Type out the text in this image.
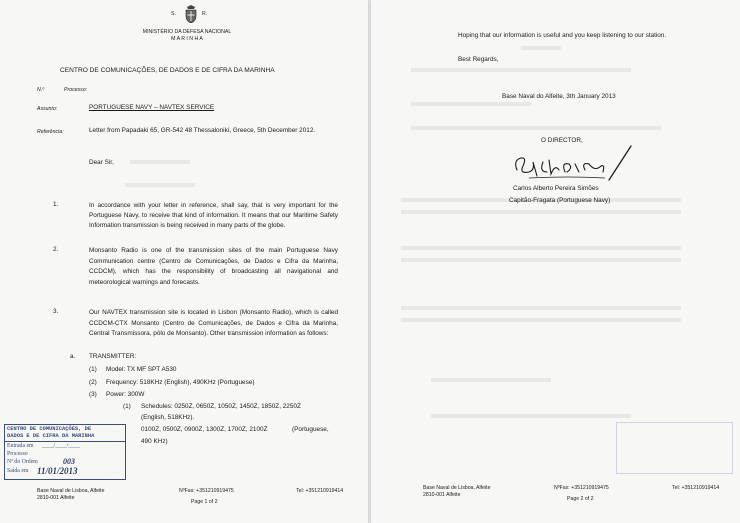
S.	R.
MINISTÉRIO DA DEFESA NACIONAL
M A R I N H A
CENTRO DE COMUNICAÇÕES, DE DADOS E DE CIFRA DA MARINHA
N.º	Processo:
Assunto:	PORTUGUESE NAVY – NAVTEX SERVICE
Referência:	Letter from Papadaki 65, GR-542 48 Thessaloniki, Greece, 5th December 2012.
Dear Sir,
1.	In accordance with your letter in reference, shall say, that is very important for the Portuguese Navy, to receive that kind of information. It means that our Maritime Safety Information transmission is being received in many parts of the globe.
2.	Monsanto Radio is one of the transmission sites of the main Portuguese Navy Communication centre (Centro de Comunicações, de Dados e Cifra da Marinha, CCDCM), which has the responsibility of broadcasting all navigational and meteorological warnings and forecasts.
3.	Our NAVTEX transmission site is located in Lisbon (Monsanto Radio), which is called CCDCM-CTX Monsanto (Centro de Comunicações, de Dados e Cifra da Marinha, Central Transmissora, pólo de Monsanto). Other transmission information as follows:
a. TRANSMITTER:
(1) Model: TX MF SPT A530
(2) Frequency: 518KHz (English), 490KHz (Portuguese)
(3) Power: 300W
(1) Schedules: 0250Z, 0650Z, 1050Z, 1450Z, 1850Z, 2250Z
(English, 518KHz).
0100Z, 0500Z, 0900Z, 1300Z, 1700Z, 2100Z	(Portuguese,
490 KHz)
CENTRO DE COMUNICAÇÕES, DE
DADOS E DE CIFRA DA MARINHA
Entrada em ____/____/____
Processo
Nº do Ordem	003
Saída em 11/01/2013
Base Naval de Lisboa, Alfeite
2810-001 Alfeite
NºFax: +351210919475	Tel: +351210919414
Page 1 of 2
Hoping that our information is useful and you keep listening to our station.
Best Regards,
Base Naval do Alfeite, 3th January 2013
O DIRECTOR,
Carlos Alberto Pereira Simões
Capitão-Fragata (Portuguese Navy)
Base Naval de Lisboa, Alfeite
2810-001 Alfeite
NºFax: +351210919475	Tel: +351210919414
Page 2 of 2
